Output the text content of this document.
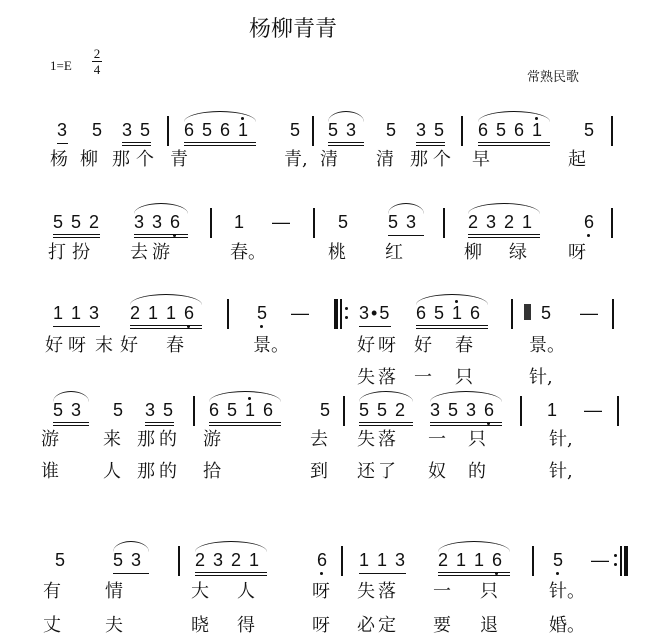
杨柳青青
1=E
2
4
常熟民歌
3 5 3 5 6 5 6 1	5 5 3	5 3 5 6 5 6 1	5
杨 柳 那 个 青	青, 清 清 那 个 早	起
5 5 2 3 3 6	1 —	5 5 3	2 3 2 1	6
打 扮 去 游	春。	桃 红	柳 绿 呀
1 1 3 2 1 1 6	5 —	3•5 6 5 1 6	5 —
好 呀 末 好 春	景。	好 呀 好 春	景。
失 落 一 只	针,
5 3	5 3 5 6 5 1 6	5 5 5 2	3 5 3 6	1 —
游 来 那 的 游	去 失 落 一 只	针,
谁 人 那 的 拾	到 还 了 奴 的	针,
5	5 3	2 3 2 1	6 1 1 3 2 1 1 6	5 —
有 情	大 人	呀 失 落 一 只	针。
丈 夫	晓 得	呀 必 定 要 退	婚。
